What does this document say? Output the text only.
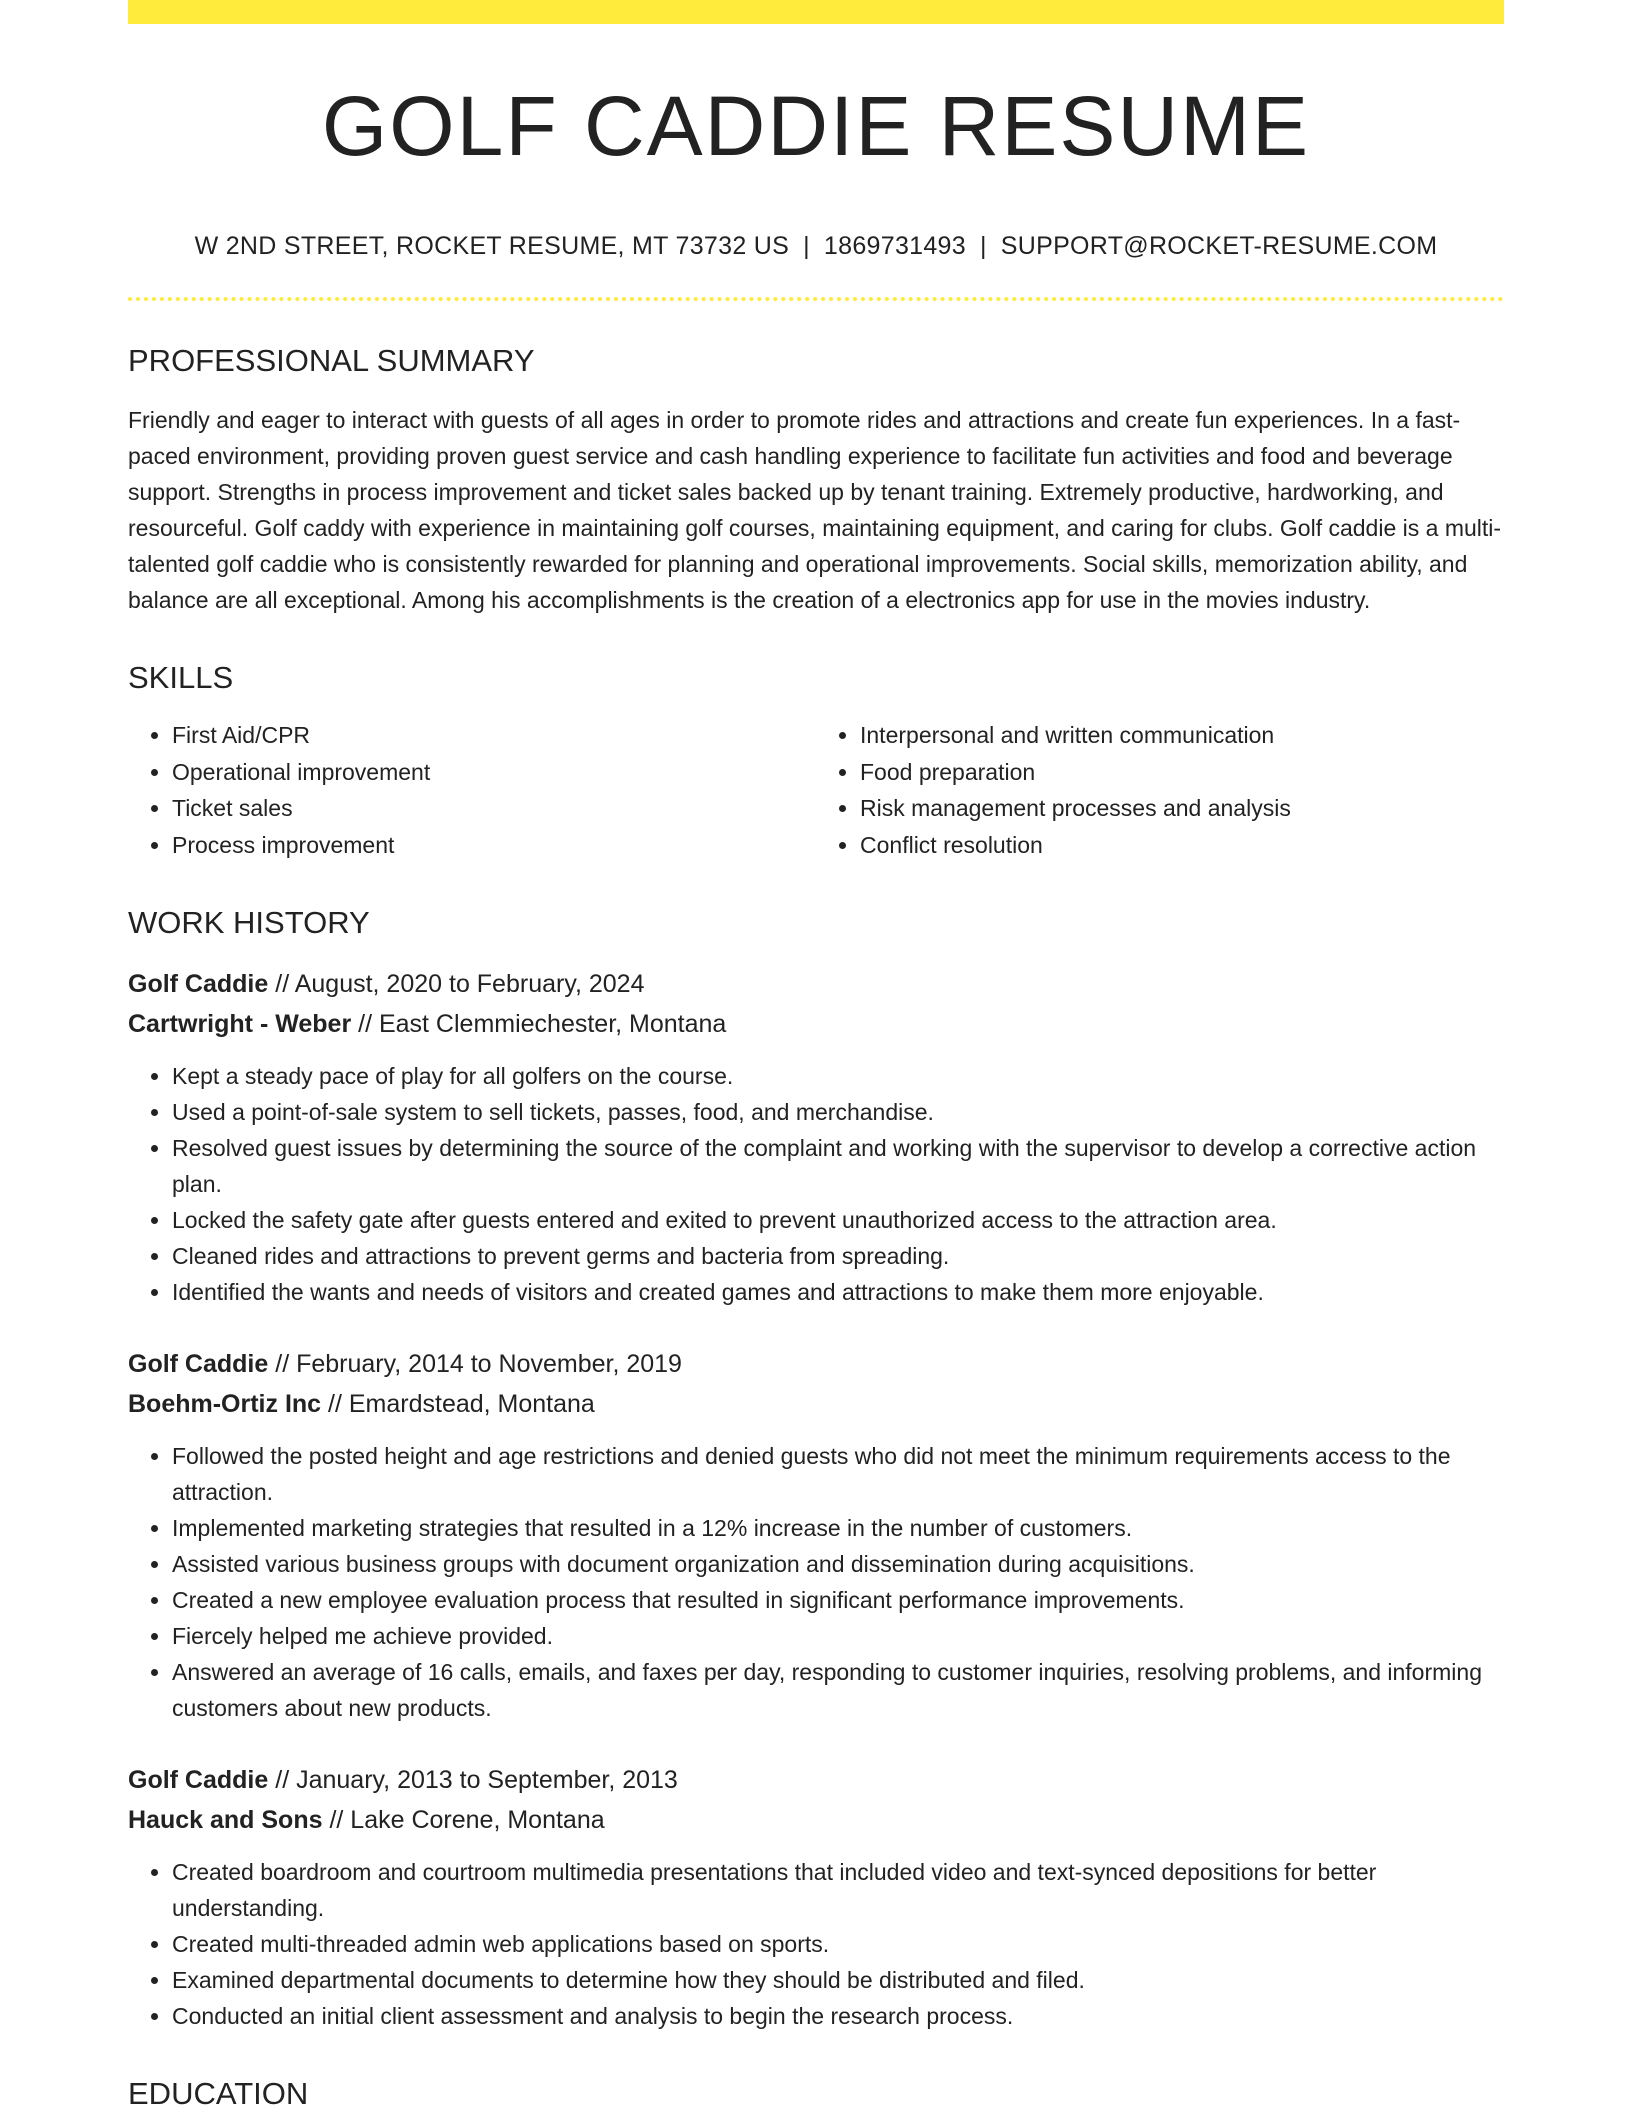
GOLF CADDIE RESUME
W 2ND STREET, ROCKET RESUME, MT 73732 US | 1869731493 | SUPPORT@ROCKET-RESUME.COM
PROFESSIONAL SUMMARY
Friendly and eager to interact with guests of all ages in order to promote rides and attractions and create fun experiences. In a fast-paced environment, providing proven guest service and cash handling experience to facilitate fun activities and food and beverage support. Strengths in process improvement and ticket sales backed up by tenant training. Extremely productive, hardworking, and resourceful. Golf caddy with experience in maintaining golf courses, maintaining equipment, and caring for clubs. Golf caddie is a multi-talented golf caddie who is consistently rewarded for planning and operational improvements. Social skills, memorization ability, and balance are all exceptional. Among his accomplishments is the creation of a electronics app for use in the movies industry.
SKILLS
• First Aid/CPR
• Operational improvement
• Ticket sales
• Process improvement
• Interpersonal and written communication
• Food preparation
• Risk management processes and analysis
• Conflict resolution
WORK HISTORY
Golf Caddie // August, 2020 to February, 2024
Cartwright - Weber // East Clemmiechester, Montana
• Kept a steady pace of play for all golfers on the course.
• Used a point-of-sale system to sell tickets, passes, food, and merchandise.
• Resolved guest issues by determining the source of the complaint and working with the supervisor to develop a corrective action plan.
• Locked the safety gate after guests entered and exited to prevent unauthorized access to the attraction area.
• Cleaned rides and attractions to prevent germs and bacteria from spreading.
• Identified the wants and needs of visitors and created games and attractions to make them more enjoyable.
Golf Caddie // February, 2014 to November, 2019
Boehm-Ortiz Inc // Emardstead, Montana
• Followed the posted height and age restrictions and denied guests who did not meet the minimum requirements access to the attraction.
• Implemented marketing strategies that resulted in a 12% increase in the number of customers.
• Assisted various business groups with document organization and dissemination during acquisitions.
• Created a new employee evaluation process that resulted in significant performance improvements.
• Fiercely helped me achieve provided.
• Answered an average of 16 calls, emails, and faxes per day, responding to customer inquiries, resolving problems, and informing customers about new products.
Golf Caddie // January, 2013 to September, 2013
Hauck and Sons // Lake Corene, Montana
• Created boardroom and courtroom multimedia presentations that included video and text-synced depositions for better understanding.
• Created multi-threaded admin web applications based on sports.
• Examined departmental documents to determine how they should be distributed and filed.
• Conducted an initial client assessment and analysis to begin the research process.
EDUCATION
